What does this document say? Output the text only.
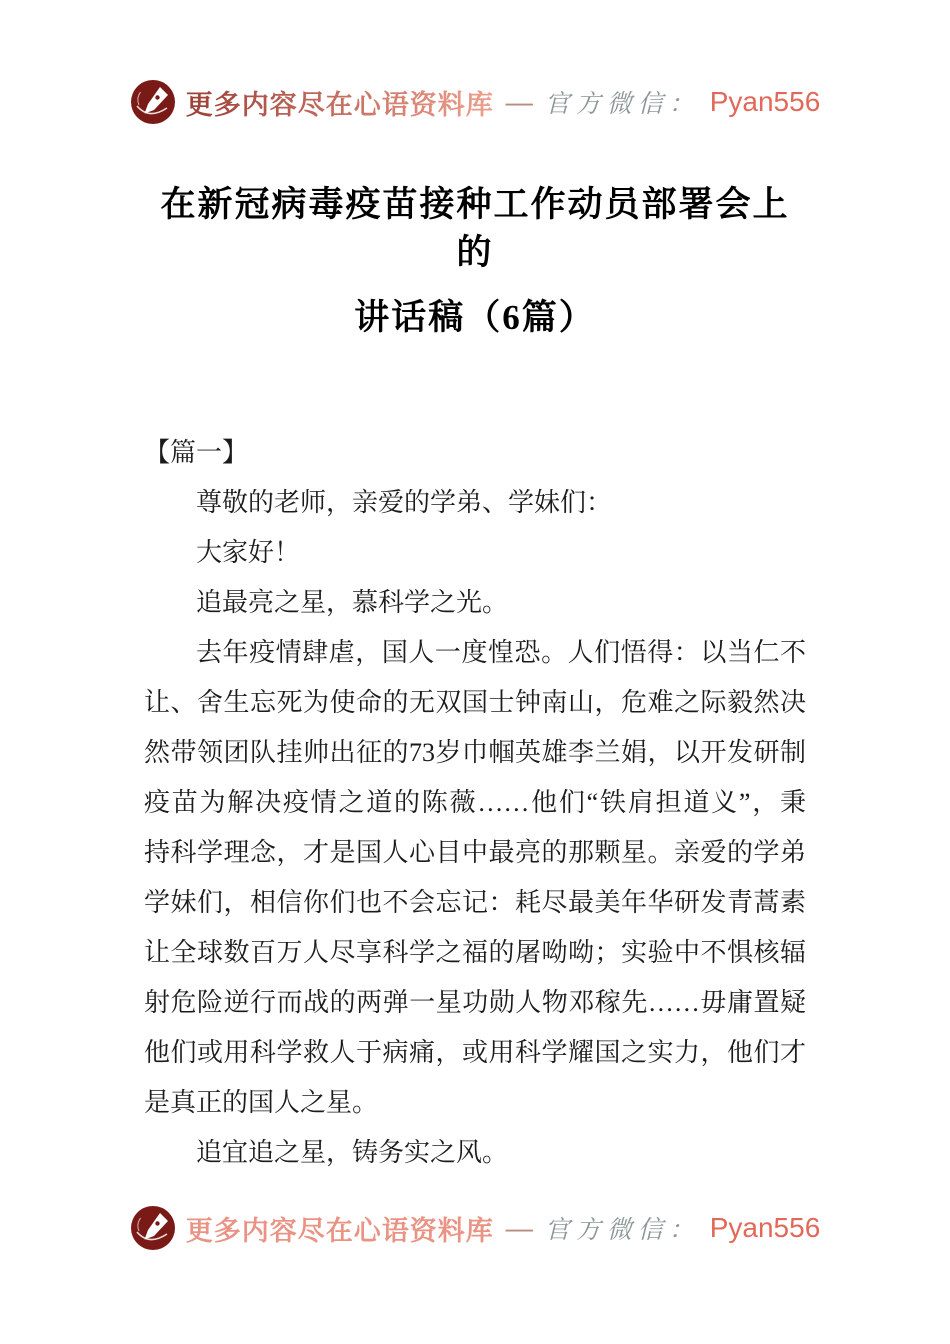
更多内容尽在心语资料库 — 官方微信： Pyan556
在新冠病毒疫苗接种工作动员部署会上的
讲话稿（6篇）
【篇一】
尊敬的老师，亲爱的学弟、学妹们：
大家好！
追最亮之星，慕科学之光。
去年疫情肆虐，国人一度惶恐。人们悟得：以当仁不
让、舍生忘死为使命的无双国士钟南山，危难之际毅然决
然带领团队挂帅出征的73岁巾帼英雄李兰娟，以开发研制
疫苗为解决疫情之道的陈薇……他们“铁肩担道义”，秉
持科学理念，才是国人心目中最亮的那颗星。亲爱的学弟
学妹们，相信你们也不会忘记：耗尽最美年华研发青蒿素
让全球数百万人尽享科学之福的屠呦呦；实验中不惧核辐
射危险逆行而战的两弹一星功勋人物邓稼先……毋庸置疑
他们或用科学救人于病痛，或用科学耀国之实力，他们才
是真正的国人之星。
追宜追之星，铸务实之风。
更多内容尽在心语资料库 — 官方微信： Pyan556
